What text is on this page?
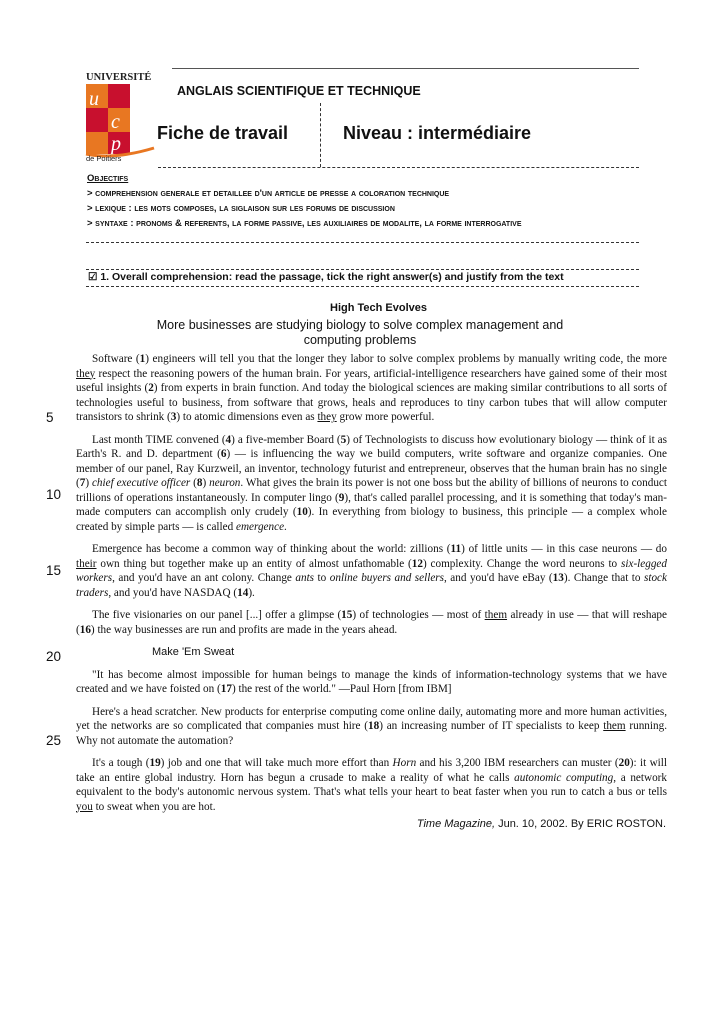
UNIVERSITÉ
u
c
p
de Poitiers
ANGLAIS SCIENTIFIQUE ET TECHNIQUE
Fiche de travail	Niveau : intermédiaire
Objectifs
> comprehension generale et detaillee d'un article de presse a coloration technique
> lexique : les mots composes, la siglaison sur les forums de discussion
> syntaxe : pronoms & referents, la forme passive, les auxiliaires de modalite, la forme interrogative
☑ 1. Overall comprehension: read the passage, tick the right answer(s) and justify from the text
High Tech Evolves
More businesses are studying biology to solve complex management and computing problems

Software (1) engineers will tell you that the longer they labor to solve complex problems by manually writing code, the more they respect the reasoning powers of the human brain. For years, artificial-intelligence researchers have gained some of their most useful insights (2) from experts in brain function. And today the biological sciences are making similar contributions to all sorts of technologies useful to business, from software that grows, heals and reproduces to tiny carbon tubes that will allow computer transistors to shrink (3) to atomic dimensions even as they grow more powerful.

Last month TIME convened (4) a five-member Board (5) of Technologists to discuss how evolutionary biology — think of it as Earth's R. and D. department (6) — is influencing the way we build computers, write software and organize companies. One member of our panel, Ray Kurzweil, an inventor, technology futurist and entrepreneur, observes that the human brain has no single (7) chief executive officer (8) neuron. What gives the brain its power is not one boss but the ability of billions of neurons to conduct trillions of operations instantaneously. In computer lingo (9), that's called parallel processing, and it is something that today's man-made computers can accomplish only crudely (10). In everything from biology to business, this principle — a complex whole created by simple parts — is called emergence.

Emergence has become a common way of thinking about the world: zillions (11) of little units — in this case neurons — do their own thing but together make up an entity of almost unfathomable (12) complexity. Change the word neurons to six-legged workers, and you'd have an ant colony. Change ants to online buyers and sellers, and you'd have eBay (13). Change that to stock traders, and you'd have NASDAQ (14).

The five visionaries on our panel [...] offer a glimpse (15) of technologies — most of them already in use — that will reshape (16) the way businesses are run and profits are made in the years ahead.

Make 'Em Sweat

"It has become almost impossible for human beings to manage the kinds of information-technology systems that we have created and we have foisted on (17) the rest of the world." —Paul Horn [from IBM]

Here's a head scratcher. New products for enterprise computing come online daily, automating more and more human activities, yet the networks are so complicated that companies must hire (18) an increasing number of IT specialists to keep them running. Why not automate the automation?

It's a tough (19) job and one that will take much more effort than Horn and his 3,200 IBM researchers can muster (20): it will take an entire global industry. Horn has begun a crusade to make a reality of what he calls autonomic computing, a network equivalent to the body's autonomic nervous system. That's what tells your heart to beat faster when you run to catch a bus or tells you to sweat when you are hot.

5
10
15
20
25
Time Magazine, Jun. 10, 2002. By ERIC ROSTON.
